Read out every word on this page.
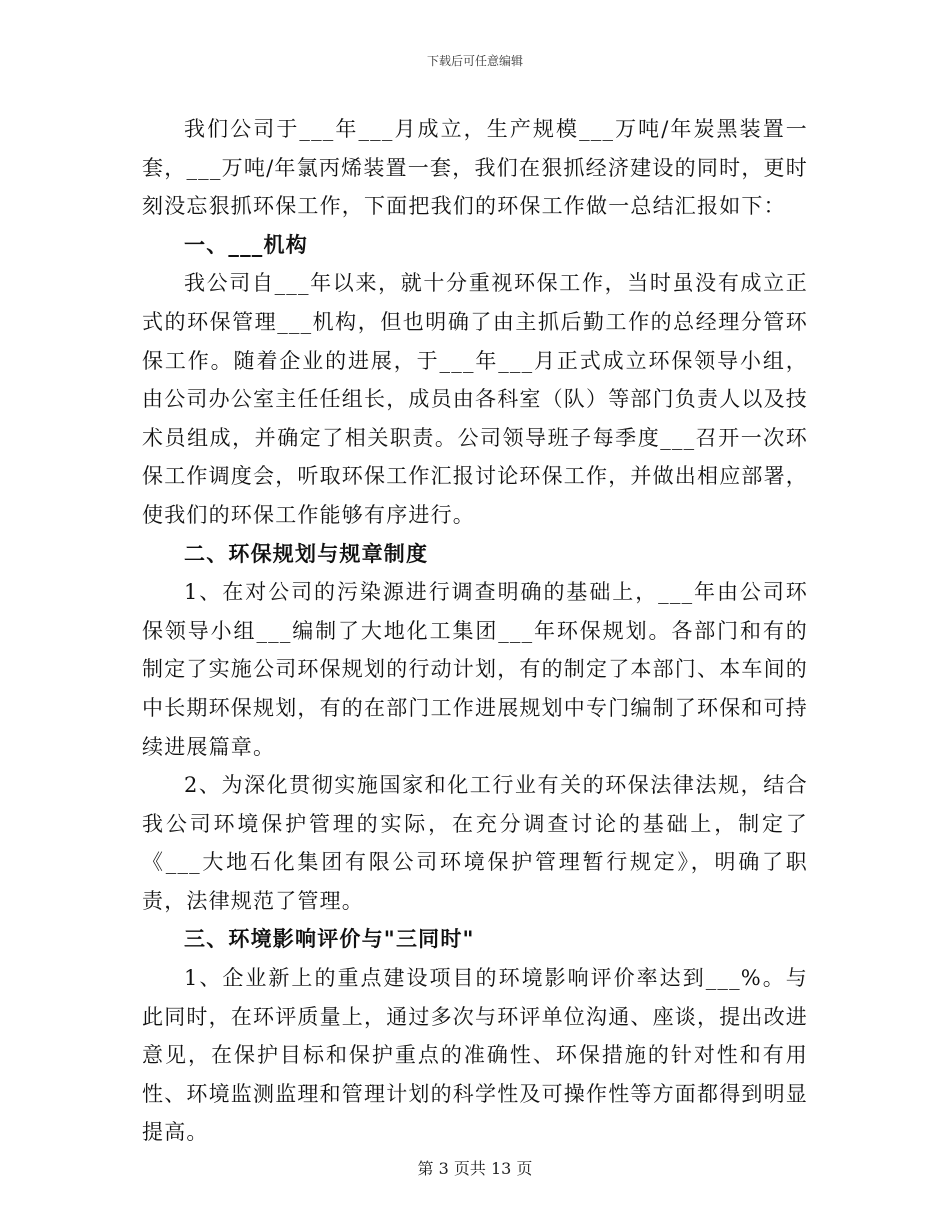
下载后可任意编辑

我们公司于___年___月成立，生产规模___万吨/年炭黑装置一套，___万吨/年氯丙烯装置一套，我们在狠抓经济建设的同时，更时刻没忘狠抓环保工作，下面把我们的环保工作做一总结汇报如下：

一、___机构

我公司自___年以来，就十分重视环保工作，当时虽没有成立正式的环保管理___机构，但也明确了由主抓后勤工作的总经理分管环保工作。随着企业的进展，于___年___月正式成立环保领导小组，由公司办公室主任任组长，成员由各科室（队）等部门负责人以及技术员组成，并确定了相关职责。公司领导班子每季度___召开一次环保工作调度会，听取环保工作汇报讨论环保工作，并做出相应部署，使我们的环保工作能够有序进行。

二、环保规划与规章制度

1、在对公司的污染源进行调查明确的基础上，___年由公司环保领导小组___编制了大地化工集团___年环保规划。各部门和有的制定了实施公司环保规划的行动计划，有的制定了本部门、本车间的中长期环保规划，有的在部门工作进展规划中专门编制了环保和可持续进展篇章。

2、为深化贯彻实施国家和化工行业有关的环保法律法规，结合我公司环境保护管理的实际，在充分调查讨论的基础上，制定了《___大地石化集团有限公司环境保护管理暂行规定》，明确了职责，法律规范了管理。

三、环境影响评价与"三同时"

1、企业新上的重点建设项目的环境影响评价率达到___%。与此同时，在环评质量上，通过多次与环评单位沟通、座谈，提出改进意见，在保护目标和保护重点的准确性、环保措施的针对性和有用性、环境监测监理和管理计划的科学性及可操作性等方面都得到明显提高。

第 3 页共 13 页
